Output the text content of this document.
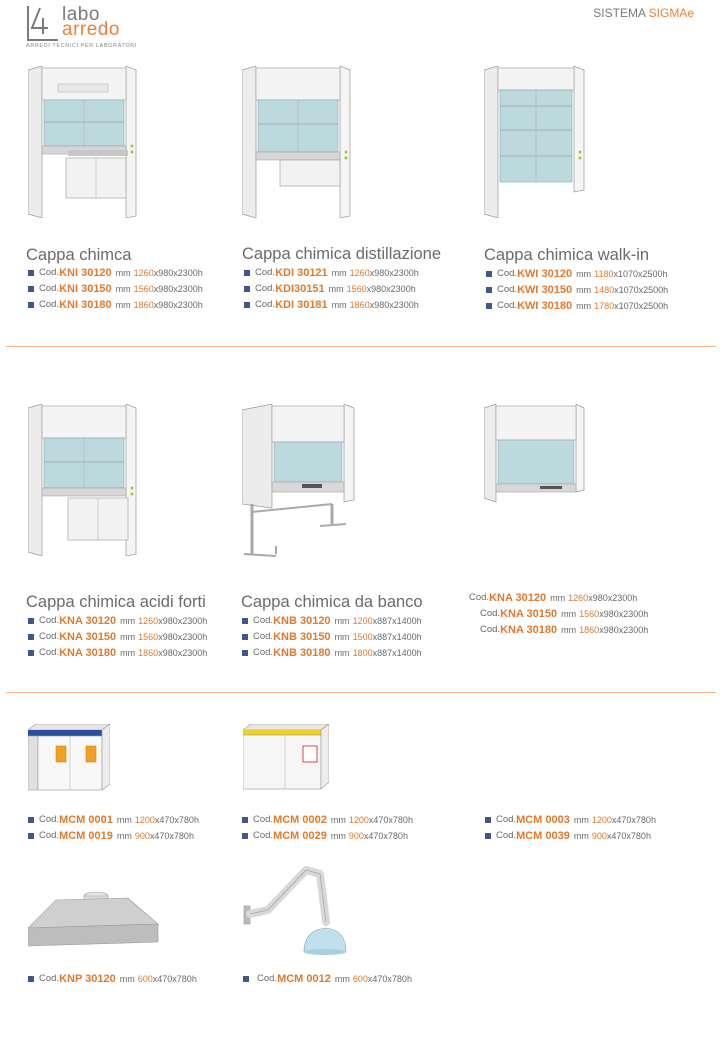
labo
arredo
ARREDI TECNICI PER LABORATORI
SISTEMA SIGMAe
Cappa chimca	Cappa chimica distillazione	Cappa chimica walk-in
Cod. KNI 30120 mm 1260 x980x2300h
Cod. KNI 30150 mm 1560 x980x2300h
Cod. KNI 30180 mm 1860 x980x2300h
Cod. KDI 30121 mm 1260 x980x2300h
Cod. KDI30151 mm 1560 x980x2300h
Cod. KDI 30181 mm 1860 x980x2300h
Cod. KWI 30120 mm 1180 x1070x2500h
Cod. KWI 30150 mm 1480 x1070x2500h
Cod. KWI 30180 mm 1780 x1070x2500h
Cappa chimica acidi forti Cappa chimica da banco
Cod. KNA 30120 mm 1260 x980x2300h
Cod. KNA 30150 mm 1560 x980x2300h
Cod. KNA 30180 mm 1860 x980x2300h
Cod. KNB 30120 mm 1200 x887x1400h
Cod. KNB 30150 mm 1500 x887x1400h
Cod. KNB 30180 mm 1800 x887x1400h
Cod. KNA 30120 mm 1260 x980x2300h
Cod. KNA 30150 mm 1560 x980x2300h
Cod. KNA 30180 mm 1860 x980x2300h
Cod. MCM 0001 mm 1200 x470x780h
Cod. MCM 0019 mm 900 x470x780h
Cod. MCM 0002 mm 1200 x470x780h
Cod. MCM 0029 mm 900 x470x780h
Cod. MCM 0003 mm 1200 x470x780h
Cod. MCM 0039 mm 900 x470x780h
Cod. KNP 30120 mm 600 x470x780h	Cod. MCM 0012 mm 600 x470x780h
